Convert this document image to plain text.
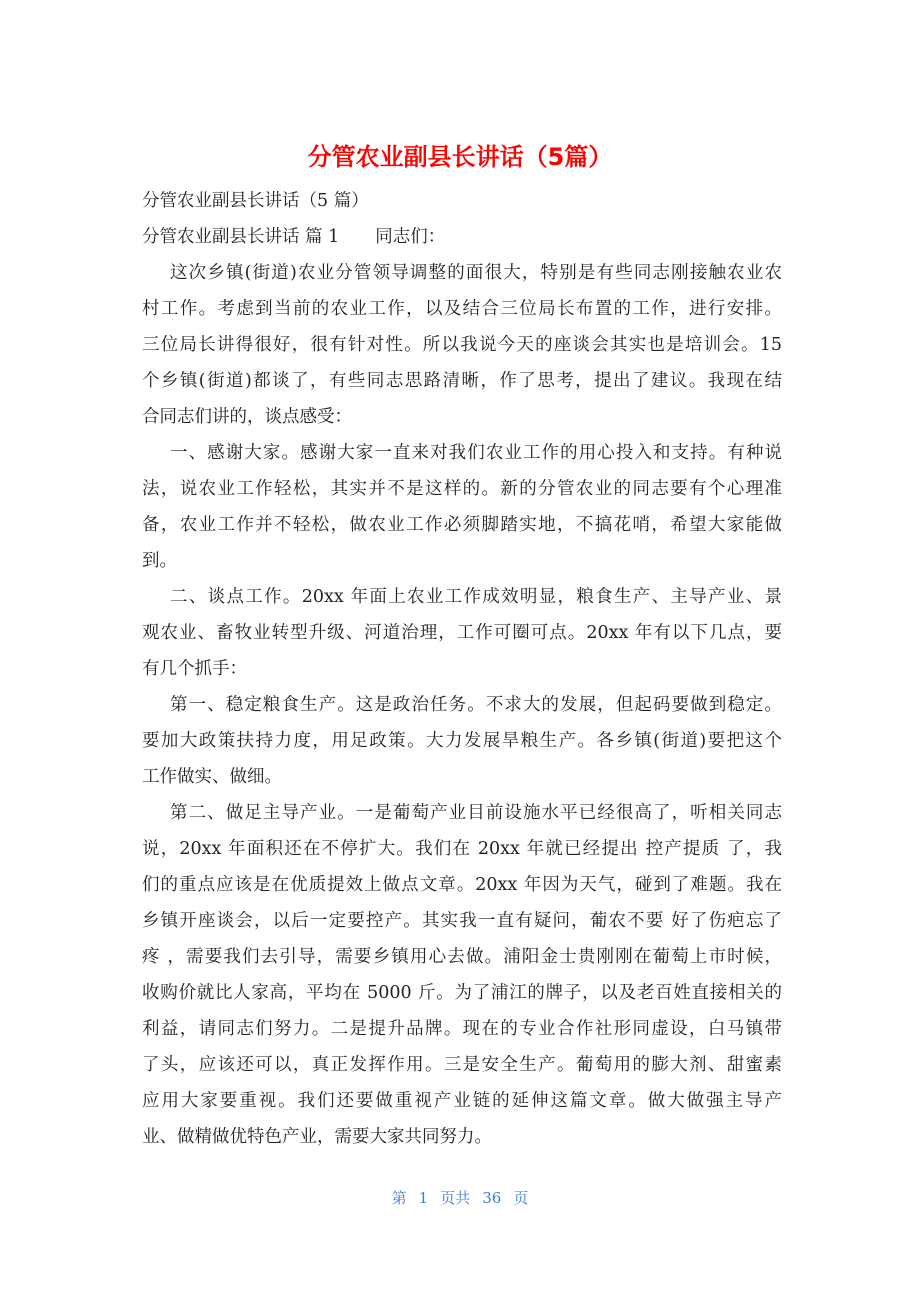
分管农业副县长讲话（5篇）
分管农业副县长讲话（5 篇）
分管农业副县长讲话 篇 1 同志们：
这次乡镇(街道)农业分管领导调整的面很大，特别是有些同志刚接触农业农
村工作。考虑到当前的农业工作，以及结合三位局长布置的工作，进行安排。
三位局长讲得很好，很有针对性。所以我说今天的座谈会其实也是培训会。15
个乡镇(街道)都谈了，有些同志思路清晰，作了思考，提出了建议。我现在结
合同志们讲的，谈点感受：
一、感谢大家。感谢大家一直来对我们农业工作的用心投入和支持。有种说
法，说农业工作轻松，其实并不是这样的。新的分管农业的同志要有个心理准
备，农业工作并不轻松，做农业工作必须脚踏实地，不搞花哨，希望大家能做
到。
二、谈点工作。20xx 年面上农业工作成效明显，粮食生产、主导产业、景
观农业、畜牧业转型升级、河道治理，工作可圈可点。20xx 年有以下几点，要
有几个抓手：
第一、稳定粮食生产。这是政治任务。不求大的发展，但起码要做到稳定。
要加大政策扶持力度，用足政策。大力发展旱粮生产。各乡镇(街道)要把这个
工作做实、做细。
第二、做足主导产业。一是葡萄产业目前设施水平已经很高了，听相关同志
说，20xx 年面积还在不停扩大。我们在 20xx 年就已经提出 控产提质 了，我
们的重点应该是在优质提效上做点文章。20xx 年因为天气，碰到了难题。我在
乡镇开座谈会，以后一定要控产。其实我一直有疑问，葡农不要 好了伤疤忘了
疼 ，需要我们去引导，需要乡镇用心去做。浦阳金士贵刚刚在葡萄上市时候，
收购价就比人家高，平均在 5000 斤。为了浦江的牌子，以及老百姓直接相关的
利益，请同志们努力。二是提升品牌。现在的专业合作社形同虚设，白马镇带
了头，应该还可以，真正发挥作用。三是安全生产。葡萄用的膨大剂、甜蜜素
应用大家要重视。我们还要做重视产业链的延伸这篇文章。做大做强主导产
业、做精做优特色产业，需要大家共同努力。
第 1 页共 36 页
